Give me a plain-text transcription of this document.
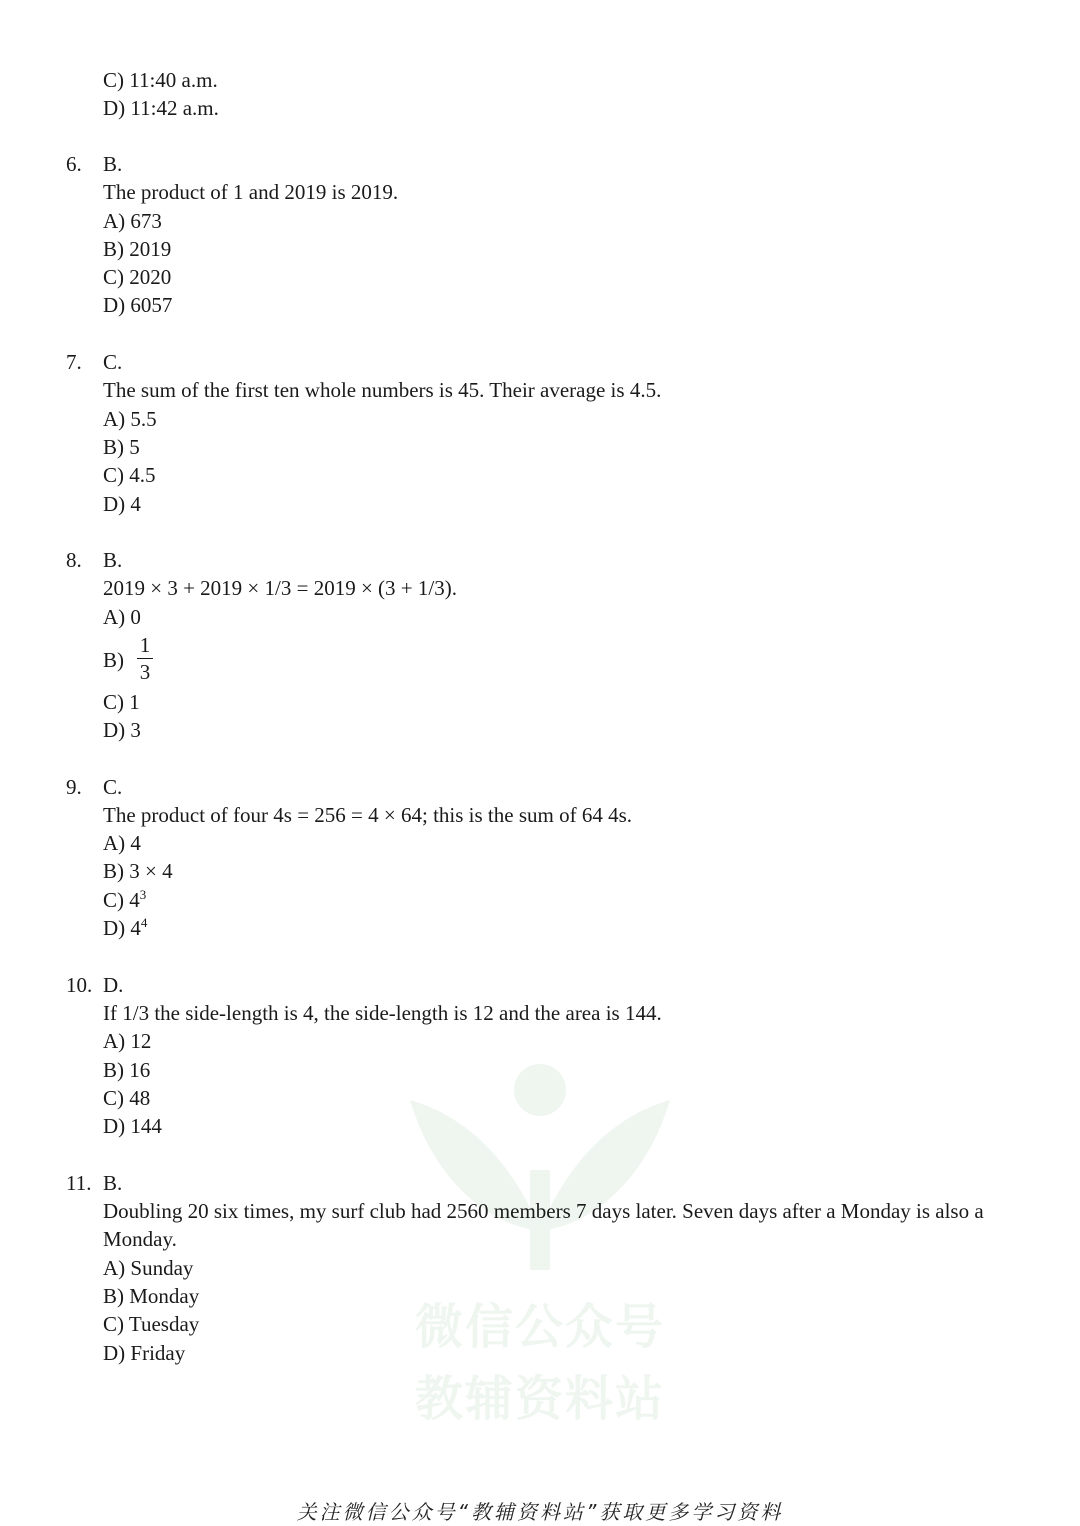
微信公众号
教辅资料站
C) 11:40 a.m.
D) 11:42 a.m.
6. B.
The product of 1 and 2019 is 2019.
A) 673
B) 2019
C) 2020
D) 6057
7. C.
The sum of the first ten whole numbers is 45. Their average is 4.5.
A) 5.5
B) 5
C) 4.5
D) 4
8. B.
2019 × 3 + 2019 × 1/3 = 2019 × (3 + 1/3).
A) 0
B)
1
3
C) 1
D) 3
9. C.
The product of four 4s = 256 = 4 × 64; this is the sum of 64 4s.
A) 4
B) 3 × 4
C) $4^3$
D) $4^4$
10. D.
If 1/3 the side-length is 4, the side-length is 12 and the area is 144.
A) 12
B) 16
C) 48
D) 144
11. B.
Doubling 20 six times, my surf club had 2560 members 7 days later. Seven days after a Monday is also a Monday.
A) Sunday
B) Monday
C) Tuesday
D) Friday
关注微信公众号“教辅资料站”获取更多学习资料
